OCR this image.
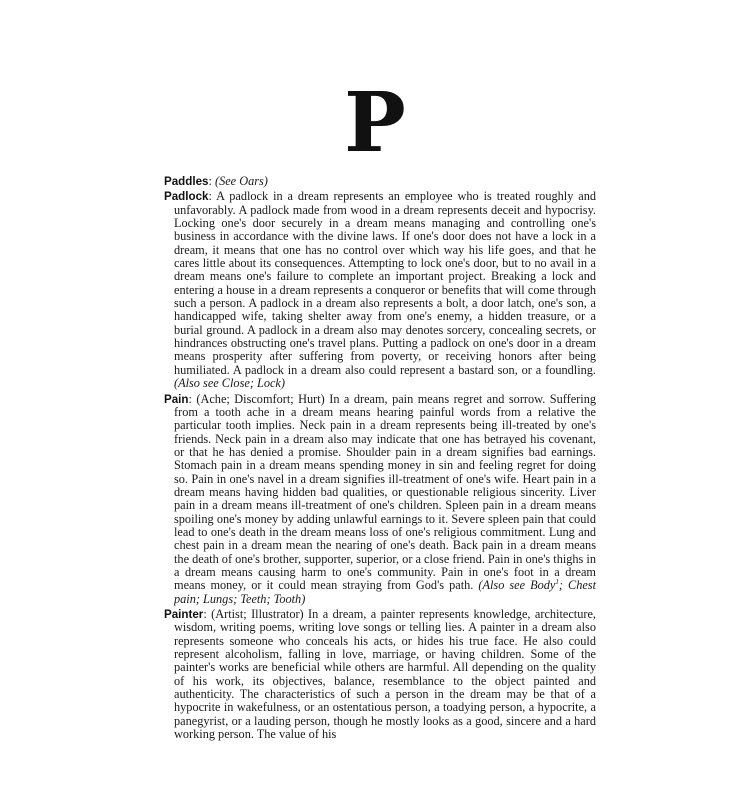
P

Paddles: (See Oars)

Padlock: A padlock in a dream represents an employee who is treated roughly and unfavorably. A padlock made from wood in a dream represents deceit and hypocrisy. Locking one's door securely in a dream means managing and controlling one's business in accordance with the divine laws. If one's door does not have a lock in a dream, it means that one has no control over which way his life goes, and that he cares little about its consequences. Attempting to lock one's door, but to no avail in a dream means one's failure to complete an important project. Breaking a lock and entering a house in a dream represents a conqueror or benefits that will come through such a person. A padlock in a dream also represents a bolt, a door latch, one's son, a handicapped wife, taking shelter away from one's enemy, a hidden treasure, or a burial ground. A padlock in a dream also may denotes sorcery, concealing secrets, or hindrances obstructing one's travel plans. Putting a padlock on one's door in a dream means prosperity after suffering from poverty, or receiving honors after being humiliated. A padlock in a dream also could represent a bastard son, or a foundling. (Also see Close; Lock)

Pain: (Ache; Discomfort; Hurt) In a dream, pain means regret and sorrow. Suffering from a tooth ache in a dream means hearing painful words from a relative the particular tooth implies. Neck pain in a dream represents being ill-treated by one's friends. Neck pain in a dream also may indicate that one has betrayed his covenant, or that he has denied a promise. Shoulder pain in a dream signifies bad earnings. Stomach pain in a dream means spending money in sin and feeling regret for doing so. Pain in one's navel in a dream signifies ill-treatment of one's wife. Heart pain in a dream means having hidden bad qualities, or questionable religious sincerity. Liver pain in a dream means ill-treatment of one's children. Spleen pain in a dream means spoiling one's money by adding unlawful earnings to it. Severe spleen pain that could lead to one's death in the dream means loss of one's religious commitment. Lung and chest pain in a dream mean the nearing of one's death. Back pain in a dream means the death of one's brother, supporter, superior, or a close friend. Pain in one's thighs in a dream means causing harm to one's community. Pain in one's foot in a dream means money, or it could mean straying from God's path. (Also see Body$^1$; Chest pain; Lungs; Teeth; Tooth)

Painter: (Artist; Illustrator) In a dream, a painter represents knowledge, architecture, wisdom, writing poems, writing love songs or telling lies. A painter in a dream also represents someone who conceals his acts, or hides his true face. He also could represent alcoholism, falling in love, marriage, or having children. Some of the painter's works are beneficial while others are harmful. All depending on the quality of his work, its objectives, balance, resemblance to the object painted and authenticity. The characteristics of such a person in the dream may be that of a hypocrite in wakefulness, or an ostentatious person, a toadying person, a hypocrite, a panegyrist, or a lauding person, though he mostly looks as a good, sincere and a hard working person. The value of his
